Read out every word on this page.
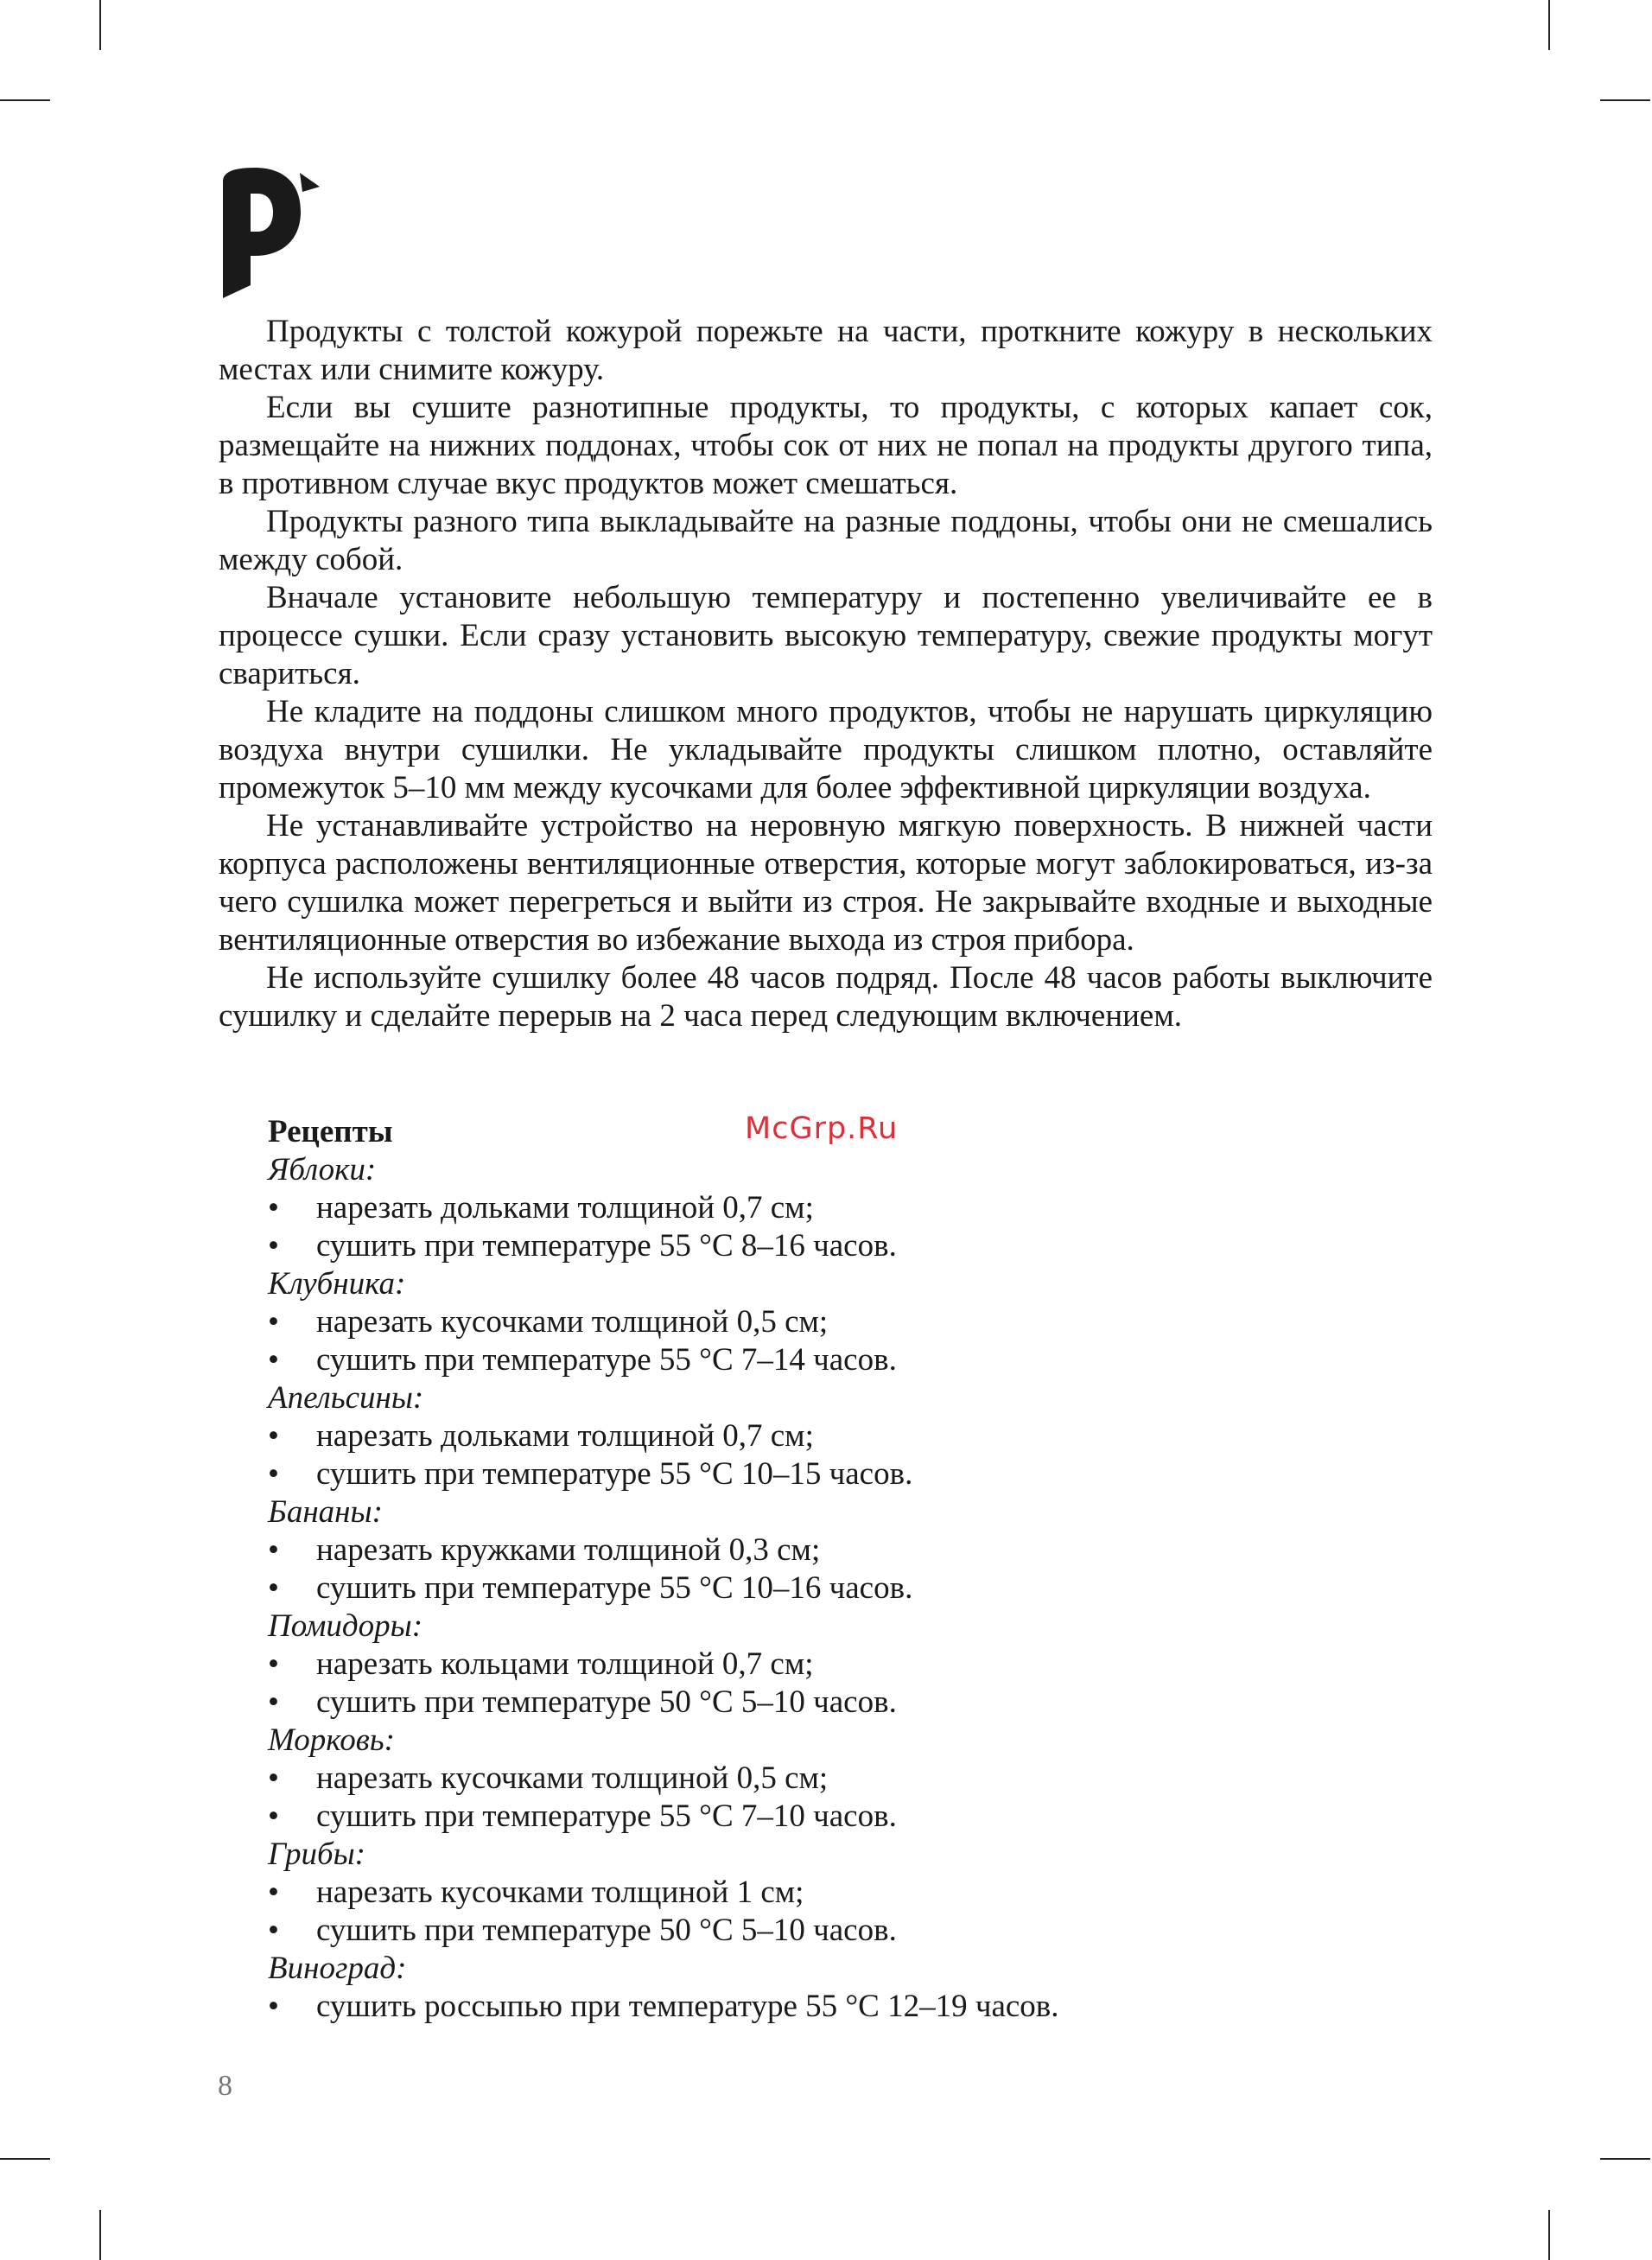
Продукты с толстой кожурой порежьте на части, проткните кожуру в нескольких местах или снимите кожуру.

Если вы сушите разнотипные продукты, то продукты, с которых капает сок, размещайте на нижних поддонах, чтобы сок от них не попал на продукты другого типа, в противном случае вкус продуктов может смешаться.

Продукты разного типа выкладывайте на разные поддоны, чтобы они не смешались между собой.

Вначале установите небольшую температуру и постепенно увеличивайте ее в процессе сушки. Если сразу установить высокую температуру, свежие продукты могут свариться.

Не кладите на поддоны слишком много продуктов, чтобы не нарушать циркуляцию воздуха внутри сушилки. Не укладывайте продукты слишком плотно, оставляйте промежуток 5–10 мм между кусочками для более эффективной циркуляции воздуха.

Не устанавливайте устройство на неровную мягкую поверхность. В нижней части корпуса расположены вентиляционные отверстия, которые могут заблокироваться, из-за чего сушилка может перегреться и выйти из строя. Не закрывайте входные и выходные вентиляционные отверстия во избежание выхода из строя прибора.

Не используйте сушилку более 48 часов подряд. После 48 часов работы выключите сушилку и сделайте перерыв на 2 часа перед следующим включением.

McGrp.Ru

Рецепты

Яблоки:

•	нарезать дольками толщиной 0,7 см;

•	сушить при температуре 55 °C 8–16 часов.

Клубника:

•	нарезать кусочками толщиной 0,5 см;

•	сушить при температуре 55 °C 7–14 часов.

Апельсины:

•	нарезать дольками толщиной 0,7 см;

•	сушить при температуре 55 °C 10–15 часов.

Бананы:

•	нарезать кружками толщиной 0,3 см;

•	сушить при температуре 55 °C 10–16 часов.

Помидоры:

•	нарезать кольцами толщиной 0,7 см;

•	сушить при температуре 50 °C 5–10 часов.

Морковь:

•	нарезать кусочками толщиной 0,5 см;

•	сушить при температуре 55 °C 7–10 часов.

Грибы:

•	нарезать кусочками толщиной 1 см;

•	сушить при температуре 50 °C 5–10 часов.

Виноград:

•	сушить россыпью при температуре 55 °C 12–19 часов.

8
